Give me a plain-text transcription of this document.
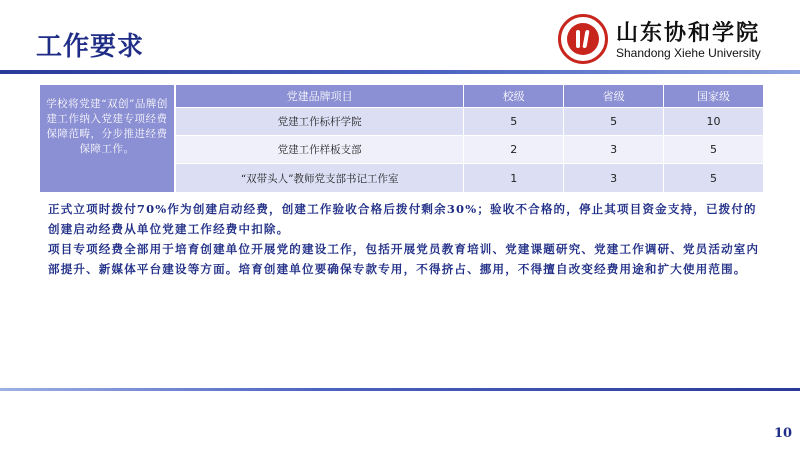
工作要求	山东协和学院
Shandong Xiehe University
学校将党建“双创”品牌创建工作纳入党建专项经费保障范畴，分步推进经费保障工作。
党建品牌项目	校级	省级	国家级
党建工作标杆学院	5	5	10
党建工作样板支部	2	3	5
“双带头人”教师党支部书记工作室	1	3	5
正式立项时拨付70%作为创建启动经费，创建工作验收合格后拨付剩余30%；验收不合格的，停止其项目资金支持，已拨付的创建启动经费从单位党建工作经费中扣除。
项目专项经费全部用于培育创建单位开展党的建设工作，包括开展党员教育培训、党建课题研究、党建工作调研、党员活动室内部提升、新媒体平台建设等方面。培育创建单位要确保专款专用，不得挤占、挪用，不得擅自改变经费用途和扩大使用范围。
10
